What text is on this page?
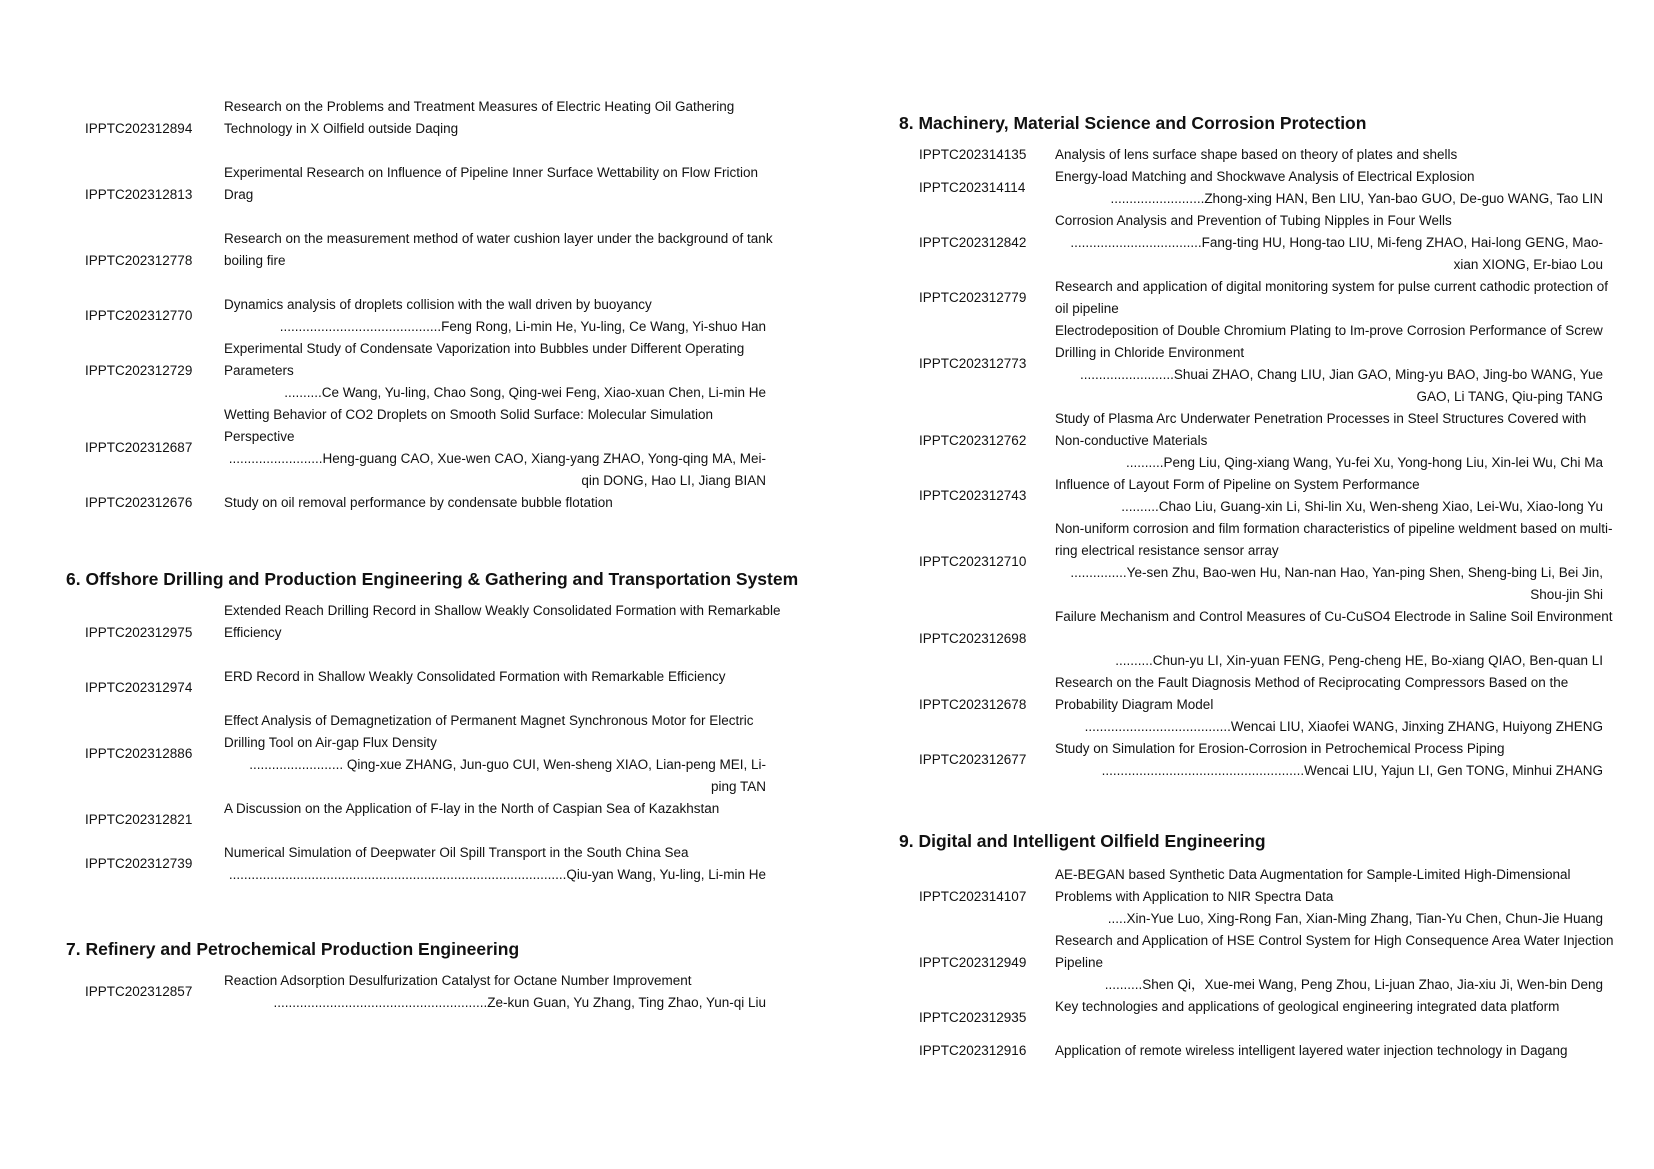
IPPTC202312894
Research on the Problems and Treatment Measures of Electric Heating Oil Gathering Technology in X Oilfield outside Daqing
IPPTC202312813
Experimental Research on Influence of Pipeline Inner Surface Wettability on Flow Friction Drag
IPPTC202312778
Research on the measurement method of water cushion layer under the background of tank boiling fire
IPPTC202312770
Dynamics analysis of droplets collision with the wall driven by buoyancy
...........................................Feng Rong, Li-min He, Yu-ling, Ce Wang, Yi-shuo Han
IPPTC202312729
Experimental Study of Condensate Vaporization into Bubbles under Different Operating Parameters
..........Ce Wang, Yu-ling, Chao Song, Qing-wei Feng, Xiao-xuan Chen, Li-min He
IPPTC202312687
Wetting Behavior of CO2 Droplets on Smooth Solid Surface: Molecular Simulation Perspective
.........................Heng-guang CAO, Xue-wen CAO, Xiang-yang ZHAO, Yong-qing MA, Mei-qin DONG, Hao LI, Jiang BIAN
IPPTC202312676 Study on oil removal performance by condensate bubble flotation
6. Offshore Drilling and Production Engineering & Gathering and Transportation System
IPPTC202312975
Extended Reach Drilling Record in Shallow Weakly Consolidated Formation with Remarkable Efficiency
IPPTC202312974
ERD Record in Shallow Weakly Consolidated Formation with Remarkable Efficiency
IPPTC202312886
Effect Analysis of Demagnetization of Permanent Magnet Synchronous Motor for Electric Drilling Tool on Air-gap Flux Density
......................... Qing-xue ZHANG, Jun-guo CUI, Wen-sheng XIAO, Lian-peng MEI, Li-ping TAN
IPPTC202312821
A Discussion on the Application of F-lay in the North of Caspian Sea of Kazakhstan
IPPTC202312739
Numerical Simulation of Deepwater Oil Spill Transport in the South China Sea
..........................................................................................Qiu-yan Wang, Yu-ling, Li-min He
7. Refinery and Petrochemical Production Engineering
IPPTC202312857
Reaction Adsorption Desulfurization Catalyst for Octane Number Improvement
.........................................................Ze-kun Guan, Yu Zhang, Ting Zhao, Yun-qi Liu
8. Machinery, Material Science and Corrosion Protection
IPPTC202314135 Analysis of lens surface shape based on theory of plates and shells
IPPTC202314114
Energy-load Matching and Shockwave Analysis of Electrical Explosion
.........................Zhong-xing HAN, Ben LIU, Yan-bao GUO, De-guo WANG, Tao LIN
IPPTC202312842
Corrosion Analysis and Prevention of Tubing Nipples in Four Wells
...................................Fang-ting HU, Hong-tao LIU, Mi-feng ZHAO, Hai-long GENG, Mao-xian XIONG, Er-biao Lou
IPPTC202312779
Research and application of digital monitoring system for pulse current cathodic protection of oil pipeline
IPPTC202312773
Electrodeposition of Double Chromium Plating to Im-prove Corrosion Performance of Screw Drilling in Chloride Environment
.........................Shuai ZHAO, Chang LIU, Jian GAO, Ming-yu BAO, Jing-bo WANG, Yue GAO, Li TANG, Qiu-ping TANG
IPPTC202312762
Study of Plasma Arc Underwater Penetration Processes in Steel Structures Covered with Non-conductive Materials
..........Peng Liu, Qing-xiang Wang, Yu-fei Xu, Yong-hong Liu, Xin-lei Wu, Chi Ma
IPPTC202312743
Influence of Layout Form of Pipeline on System Performance
..........Chao Liu, Guang-xin Li, Shi-lin Xu, Wen-sheng Xiao, Lei-Wu, Xiao-long Yu
IPPTC202312710
Non-uniform corrosion and film formation characteristics of pipeline weldment based on multi-ring electrical resistance sensor array
...............Ye-sen Zhu, Bao-wen Hu, Nan-nan Hao, Yan-ping Shen, Sheng-bing Li, Bei Jin, Shou-jin Shi
IPPTC202312698
Failure Mechanism and Control Measures of Cu-CuSO4 Electrode in Saline Soil Environment
..........Chun-yu LI, Xin-yuan FENG, Peng-cheng HE, Bo-xiang QIAO, Ben-quan LI
IPPTC202312678
Research on the Fault Diagnosis Method of Reciprocating Compressors Based on the Probability Diagram Model
.......................................Wencai LIU, Xiaofei WANG, Jinxing ZHANG, Huiyong ZHENG
IPPTC202312677
Study on Simulation for Erosion-Corrosion in Petrochemical Process Piping
......................................................Wencai LIU, Yajun LI, Gen TONG, Minhui ZHANG
9. Digital and Intelligent Oilfield Engineering
IPPTC202314107
AE-BEGAN based Synthetic Data Augmentation for Sample-Limited High-Dimensional Problems with Application to NIR Spectra Data
.....Xin-Yue Luo, Xing-Rong Fan, Xian-Ming Zhang, Tian-Yu Chen, Chun-Jie Huang
IPPTC202312949
Research and Application of HSE Control System for High Consequence Area Water Injection Pipeline
..........Shen Qi，Xue-mei Wang, Peng Zhou, Li-juan Zhao, Jia-xiu Ji, Wen-bin Deng
IPPTC202312935
Key technologies and applications of geological engineering integrated data platform
IPPTC202312916 Application of remote wireless intelligent layered water injection technology in Dagang
